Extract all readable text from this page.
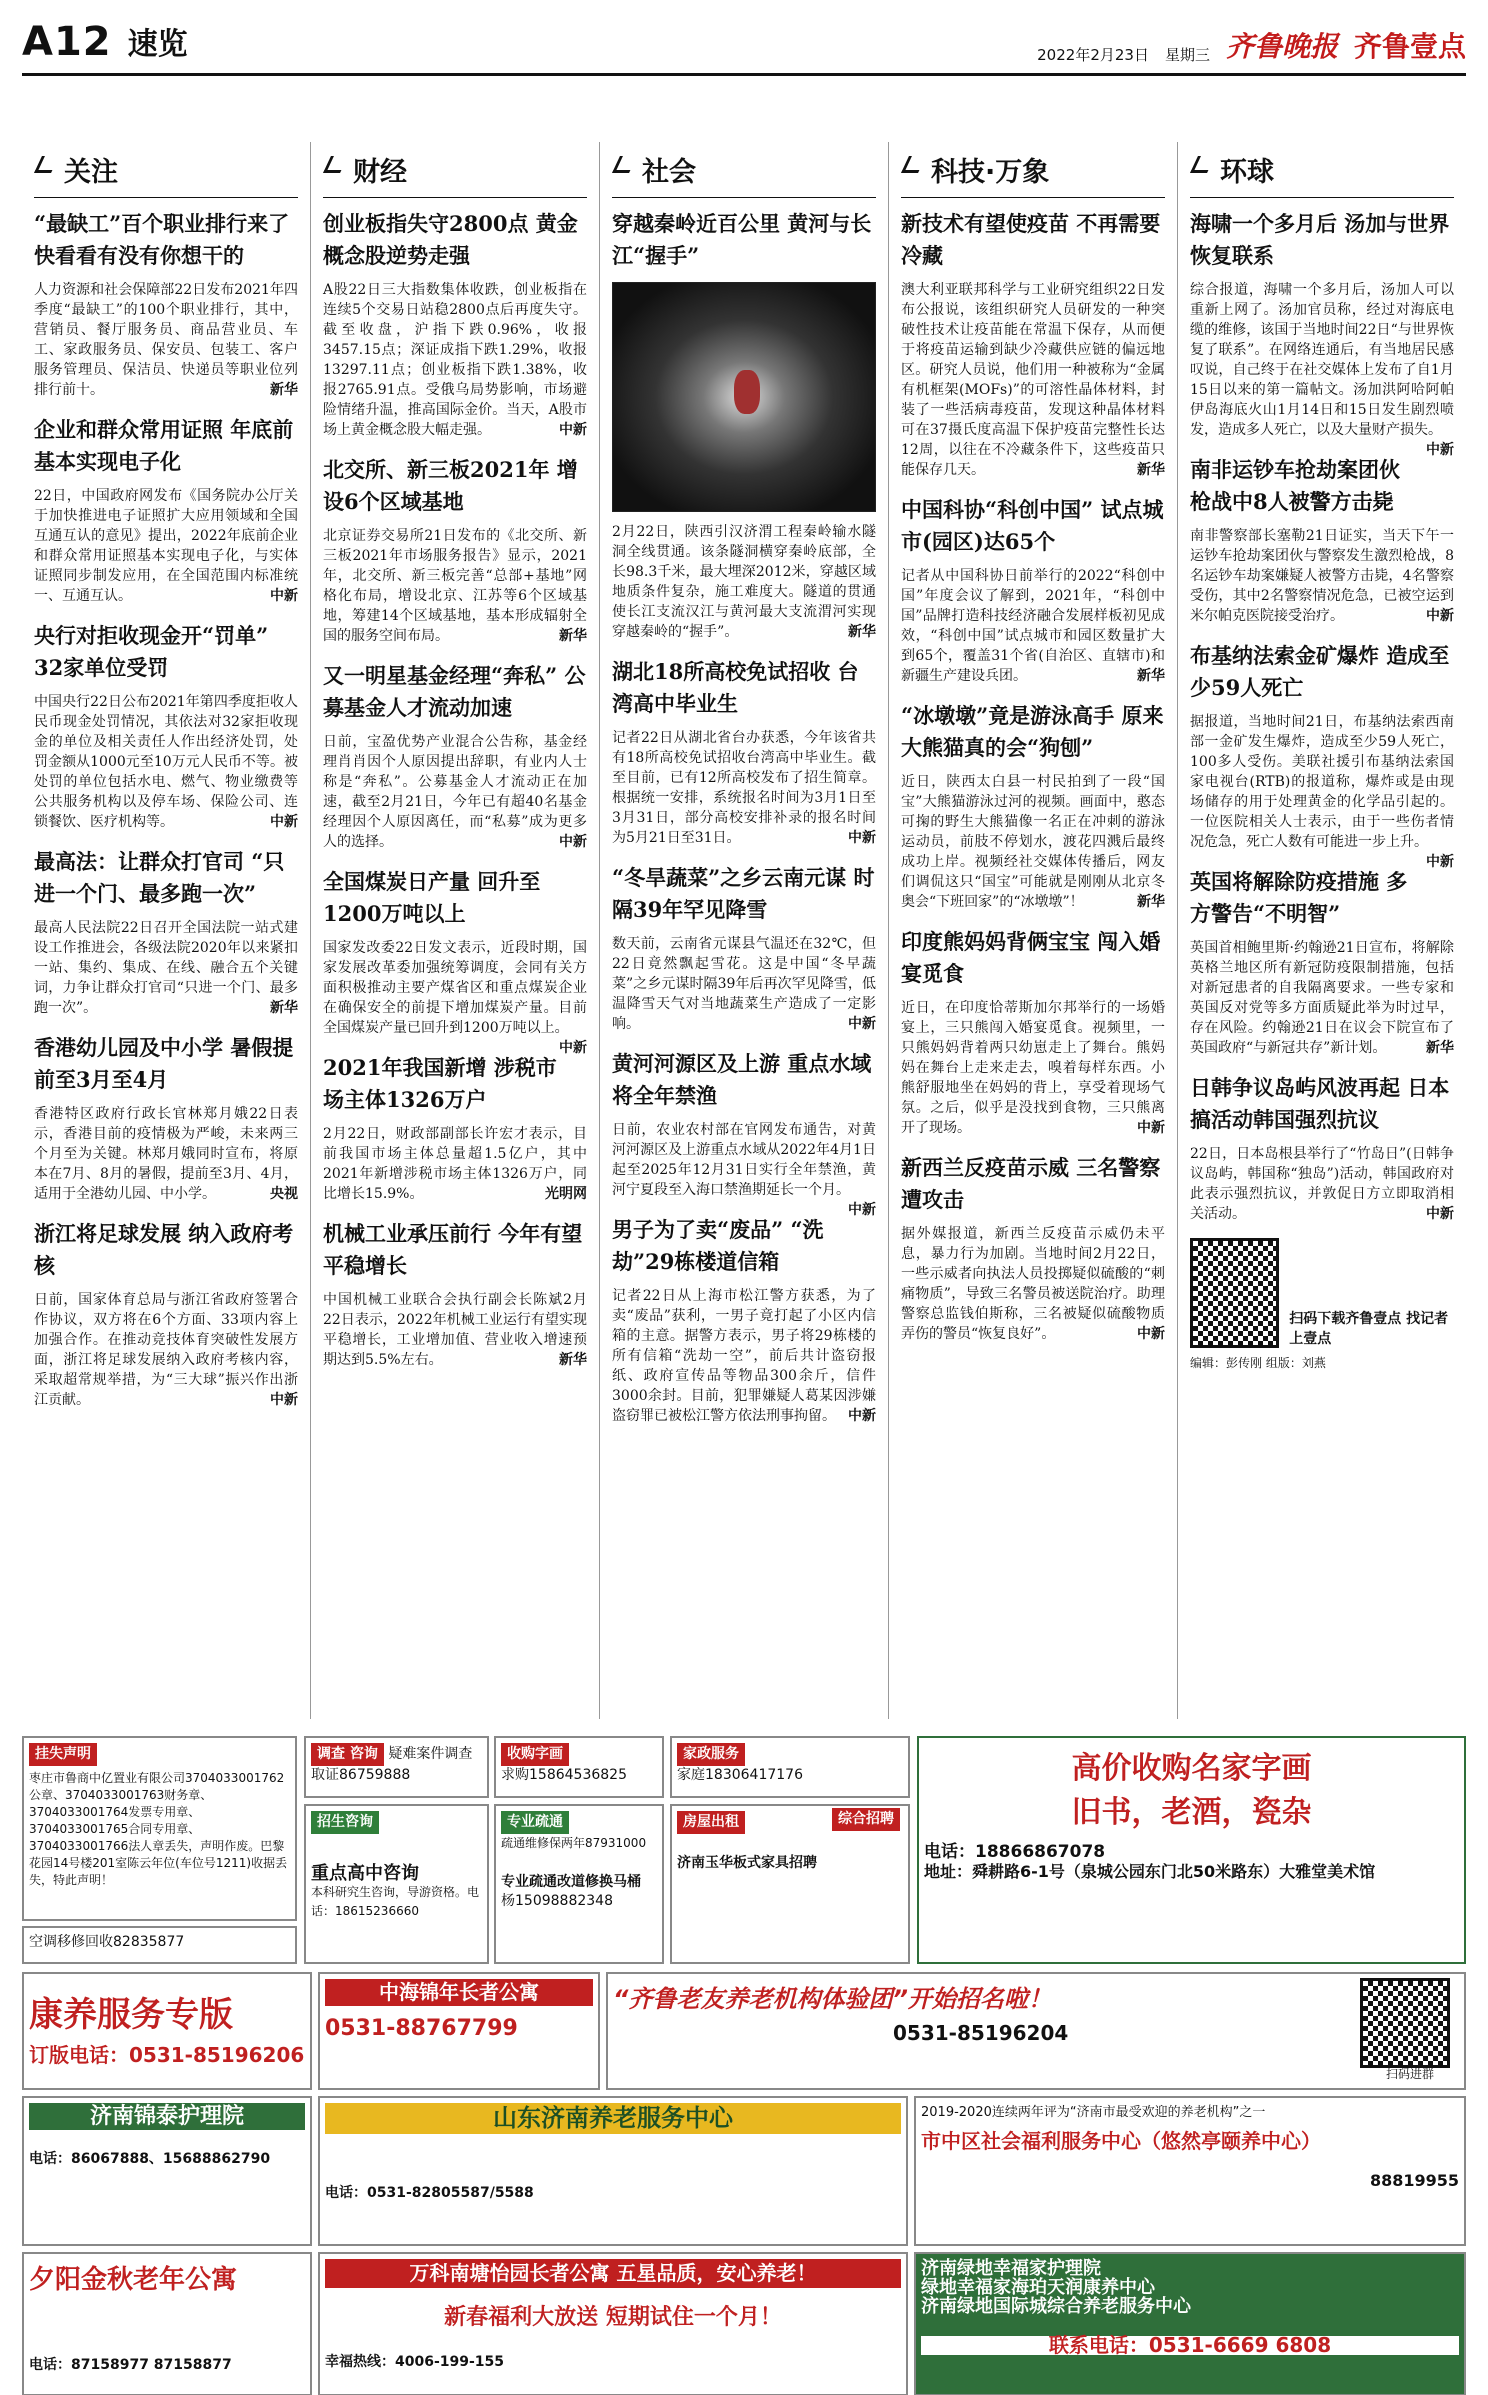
A12 速览	2022年2月23日 星期三 齐鲁晚报 齐鲁壹点
关注
“最缺工”百个职业排行来了 快看看有没有你想干的
人力资源和社会保障部22日发布2021年四季度“最缺工”的100个职业排行，其中，营销员、餐厅服务员、商品营业员、车工、家政服务员、保安员、包装工、客户服务管理员、保洁员、快递员等职业位列排行前十。	新华
企业和群众常用证照 年底前基本实现电子化
22日，中国政府网发布《国务院办公厅关于加快推进电子证照扩大应用领域和全国互通互认的意见》提出，2022年底前企业和群众常用证照基本实现电子化，与实体证照同步制发应用，在全国范围内标准统一、互通互认。	中新
央行对拒收现金开“罚单” 32家单位受罚
中国央行22日公布2021年第四季度拒收人民币现金处罚情况，其依法对32家拒收现金的单位及相关责任人作出经济处罚，处罚金额从1000元至10万元人民币不等。被处罚的单位包括水电、燃气、物业缴费等公共服务机构以及停车场、保险公司、连锁餐饮、医疗机构等。	中新
最高法：让群众打官司 “只进一个门、最多跑一次”
最高人民法院22日召开全国法院一站式建设工作推进会，各级法院2020年以来紧扣一站、集约、集成、在线、融合五个关键词，力争让群众打官司“只进一个门、最多跑一次”。	新华
香港幼儿园及中小学 暑假提前至3月至4月
香港特区政府行政长官林郑月娥22日表示，香港目前的疫情极为严峻，未来两三个月至为关键。林郑月娥同时宣布，将原本在7月、8月的暑假，提前至3月、4月，适用于全港幼儿园、中小学。	央视
浙江将足球发展 纳入政府考核
日前，国家体育总局与浙江省政府签署合作协议，双方将在6个方面、33项内容上加强合作。在推动竞技体育突破性发展方面，浙江将足球发展纳入政府考核内容，采取超常规举措，为“三大球”振兴作出浙江贡献。	中新
财经
创业板指失守2800点 黄金概念股逆势走强
A股22日三大指数集体收跌，创业板指在连续5个交易日站稳2800点后再度失守。截至收盘，沪指下跌0.96%，收报3457.15点；深证成指下跌1.29%，收报13297.11点；创业板指下跌1.38%，收报2765.91点。受俄乌局势影响，市场避险情绪升温，推高国际金价。当天，A股市场上黄金概念股大幅走强。	中新
北交所、新三板2021年 增设6个区域基地
北京证券交易所21日发布的《北交所、新三板2021年市场服务报告》显示，2021年，北交所、新三板完善“总部+基地”网格化布局，增设北京、江苏等6个区域基地，筹建14个区域基地，基本形成辐射全国的服务空间布局。	新华
又一明星基金经理“奔私” 公募基金人才流动加速
日前，宝盈优势产业混合公告称，基金经理肖肖因个人原因提出辞职，有业内人士称是“奔私”。公募基金人才流动正在加速，截至2月21日，今年已有超40名基金经理因个人原因离任，而“私募”成为更多人的选择。	中新
全国煤炭日产量 回升至1200万吨以上
国家发改委22日发文表示，近段时期，国家发展改革委加强统筹调度，会同有关方面积极推动主要产煤省区和重点煤炭企业在确保安全的前提下增加煤炭产量。目前全国煤炭产量已回升到1200万吨以上。
中新
2021年我国新增 涉税市场主体1326万户
2月22日，财政部副部长许宏才表示，目前我国市场主体总量超1.5亿户，其中2021年新增涉税市场主体1326万户，同比增长15.9%。	光明网
机械工业承压前行 今年有望平稳增长
中国机械工业联合会执行副会长陈斌2月22日表示，2022年机械工业运行有望实现平稳增长，工业增加值、营业收入增速预期达到5.5%左右。	新华
社会
穿越秦岭近百公里 黄河与长江“握手”
2月22日，陕西引汉济渭工程秦岭输水隧洞全线贯通。该条隧洞横穿秦岭底部，全长98.3千米，最大埋深2012米，穿越区域地质条件复杂，施工难度大。隧道的贯通使长江支流汉江与黄河最大支流渭河实现穿越秦岭的“握手”。	新华
湖北18所高校免试招收 台湾高中毕业生
记者22日从湖北省台办获悉，今年该省共有18所高校免试招收台湾高中毕业生。截至目前，已有12所高校发布了招生简章。根据统一安排，系统报名时间为3月1日至3月31日，部分高校安排补录的报名时间为5月21日至31日。	中新
“冬旱蔬菜”之乡云南元谋 时隔39年罕见降雪
数天前，云南省元谋县气温还在32℃，但22日竟然飘起雪花。这是中国“冬早蔬菜”之乡元谋时隔39年后再次罕见降雪，低温降雪天气对当地蔬菜生产造成了一定影响。	中新
黄河河源区及上游 重点水域将全年禁渔
日前，农业农村部在官网发布通告，对黄河河源区及上游重点水域从2022年4月1日起至2025年12月31日实行全年禁渔，黄河宁夏段至入海口禁渔期延长一个月。
中新
男子为了卖“废品” “洗劫”29栋楼道信箱
记者22日从上海市松江警方获悉，为了卖“废品”获利，一男子竟打起了小区内信箱的主意。据警方表示，男子将29栋楼的所有信箱“洗劫一空”，前后共计盗窃报纸、政府宣传品等物品300余斤，信件3000余封。目前，犯罪嫌疑人葛某因涉嫌盗窃罪已被松江警方依法刑事拘留。 中新
科技·万象
新技术有望使疫苗 不再需要冷藏
澳大利亚联邦科学与工业研究组织22日发布公报说，该组织研究人员研发的一种突破性技术让疫苗能在常温下保存，从而便于将疫苗运输到缺少冷藏供应链的偏远地区。研究人员说，他们用一种被称为“金属有机框架(MOFs)”的可溶性晶体材料，封装了一些活病毒疫苗，发现这种晶体材料可在37摄氏度高温下保护疫苗完整性长达12周，以往在不冷藏条件下，这些疫苗只能保存几天。	新华
中国科协“科创中国” 试点城市(园区)达65个
记者从中国科协日前举行的2022“科创中国”年度会议了解到，2021年，“科创中国”品牌打造科技经济融合发展样板初见成效，“科创中国”试点城市和园区数量扩大到65个，覆盖31个省(自治区、直辖市)和新疆生产建设兵团。	新华
“冰墩墩”竟是游泳高手 原来大熊猫真的会“狗刨”
近日，陕西太白县一村民拍到了一段“国宝”大熊猫游泳过河的视频。画面中，憨态可掬的野生大熊猫像一名正在冲刺的游泳运动员，前肢不停划水，渡花四溅后最终成功上岸。视频经社交媒体传播后，网友们调侃这只“国宝”可能就是刚刚从北京冬奥会“下班回家”的“冰墩墩”！	新华
印度熊妈妈背俩宝宝 闯入婚宴觅食
近日，在印度恰蒂斯加尔邦举行的一场婚宴上，三只熊闯入婚宴觅食。视频里，一只熊妈妈背着两只幼崽走上了舞台。熊妈妈在舞台上走来走去，嗅着每样东西。小熊舒服地坐在妈妈的背上，享受着现场气氛。之后，似乎是没找到食物，三只熊离开了现场。	中新
新西兰反疫苗示威 三名警察遭攻击
据外媒报道，新西兰反疫苗示威仍未平息，暴力行为加剧。当地时间2月22日，一些示威者向执法人员投掷疑似硫酸的“刺痛物质”，导致三名警员被送院治疗。助理警察总监钱伯斯称，三名被疑似硫酸物质弄伤的警员“恢复良好”。	中新
环球
海啸一个多月后 汤加与世界恢复联系
综合报道，海啸一个多月后，汤加人可以重新上网了。汤加官员称，经过对海底电缆的维修，该国于当地时间22日“与世界恢复了联系”。在网络连通后，有当地居民感叹说，自己终于在社交媒体上发布了自1月15日以来的第一篇帖文。汤加洪阿哈阿帕伊岛海底火山1月14日和15日发生剧烈喷发，造成多人死亡，以及大量财产损失。
中新
南非运钞车抢劫案团伙 枪战中8人被警方击毙
南非警察部长塞勒21日证实，当天下午一运钞车抢劫案团伙与警察发生激烈枪战，8名运钞车劫案嫌疑人被警方击毙，4名警察受伤，其中2名警察情况危急，已被空运到米尔帕克医院接受治疗。	中新
布基纳法索金矿爆炸 造成至少59人死亡
据报道，当地时间21日，布基纳法索西南部一金矿发生爆炸，造成至少59人死亡，100多人受伤。美联社援引布基纳法索国家电视台(RTB)的报道称，爆炸或是由现场储存的用于处理黄金的化学品引起的。一位医院相关人士表示，由于一些伤者情况危急，死亡人数有可能进一步上升。
中新
英国将解除防疫措施 多方警告“不明智”
英国首相鲍里斯·约翰逊21日宣布，将解除英格兰地区所有新冠防疫限制措施，包括对新冠患者的自我隔离要求。一些专家和英国反对党等多方面质疑此举为时过早，存在风险。约翰逊21日在议会下院宣布了英国政府“与新冠共存”新计划。	新华
日韩争议岛屿风波再起 日本搞活动韩国强烈抗议
22日，日本岛根县举行了“竹岛日”(日韩争议岛屿，韩国称“独岛”)活动，韩国政府对此表示强烈抗议，并敦促日方立即取消相关活动。	中新
扫码下载齐鲁壹点 找记者 上壹点
编辑：彭传刚 组版：刘燕
挂失声明
枣庄市鲁商中亿置业有限公司3704033001762公章、3704033001763财务章、3704033001764发票专用章、3704033001765合同专用章、3704033001766法人章丢失，声明作废。巴黎花园14号楼201室陈云年位(车位号1211)收据丢失，特此声明！
空调移修回收82835877
调查 咨询 疑难案件调查 取证86759888
收购字画
求购15864536825
家政服务
家庭18306417176
招生咨询
重点高中咨询
本科研究生咨询，导游资格。电话：18615236660
专业疏通
疏通维修保两年87931000
专业疏通改道修换马桶
杨15098882348
房屋出租
济南玉华板式家具招聘
综合招聘
高价收购名家字画
旧书，老酒，瓷杂
电话：18866867078
地址：舜耕路6-1号（泉城公园东门北50米路东）大雅堂美术馆
康养服务专版
订版电话：0531-85196206
中海锦年长者公寓
0531-88767799
“齐鲁老友养老机构体验团”开始招名啦！
0531-85196204
扫码进群
济南锦泰护理院
电话：86067888、15688862790
山东济南养老服务中心
电话：0531-82805587/5588
2019-2020连续两年评为“济南市最受欢迎的养老机构”之一
市中区社会福利服务中心（悠然亭颐养中心）
88819955
夕阳金秋老年公寓
电话：87158977 87158877
万科南塘怡园长者公寓 五星品质，安心养老！
新春福利大放送 短期试住一个月！
幸福热线：4006-199-155
济南绿地幸福家护理院
绿地幸福家海珀天润康养中心
济南绿地国际城综合养老服务中心
联系电话：0531-6669 6808
